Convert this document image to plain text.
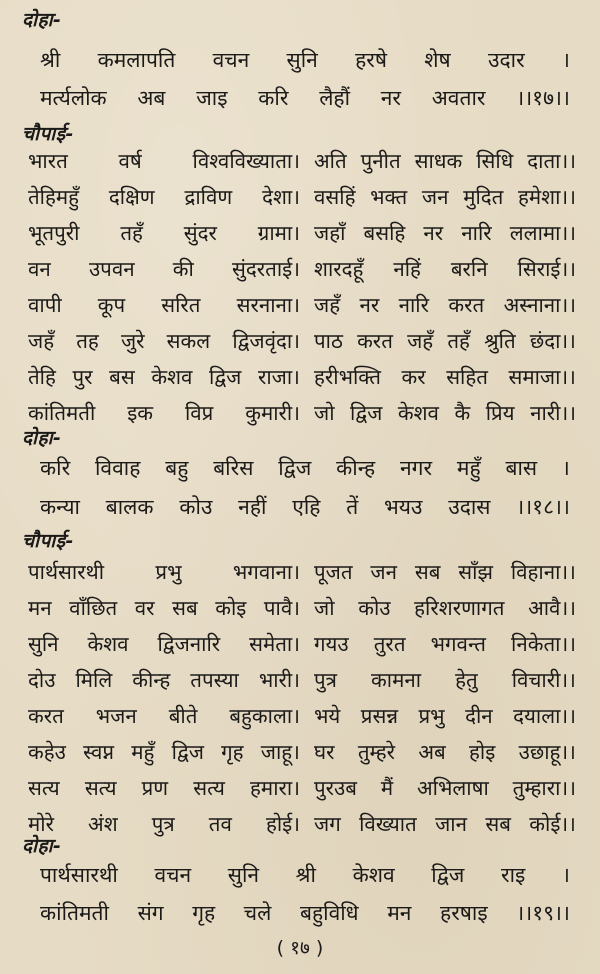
दोहा-
श्री कमलापति वचन सुनि हरषे शेष उदार ।
मर्त्यलोक अब जाइ करि लैहौं नर अवतार ।।१७।।
चौपाई-
भारत वर्ष विश्वविख्याता। अति पुनीत साधक सिधि दाता।।
तेहिमहुँ दक्षिण द्राविण देशा। वसहिं भक्त जन मुदित हमेशा।।
भूतपुरी तहँ सुंदर ग्रामा। जहाँ बसहि नर नारि ललामा।।
वन उपवन की सुंदरताई। शारदहूँ नहिं बरनि सिराई।।
वापी कूप सरित सरनाना। जहँ नर नारि करत अस्नाना।।
जहँ तह जुरे सकल द्विजवृंदा। पाठ करत जहँ तहँ श्रुति छंदा।।
तेहि पुर बस केशव द्विज राजा। हरीभक्ति कर सहित समाजा।।
कांतिमती इक विप्र कुमारी। जो द्विज केशव कै प्रिय नारी।।
दोहा-
करि विवाह बहु बरिस द्विज कीन्ह नगर महुँ बास ।
कन्या बालक कोउ नहीं एहि तें भयउ उदास ।।१८।।
चौपाई-
पार्थसारथी	प्रभु	भगवाना। पूजत जन सब साँझ विहाना।।
मन वाँछित वर सब कोइ पावै। जो कोउ हरिशरणागत आवै।।
सुनि केशव द्विजनारि समेता। गयउ तुरत भगवन्त निकेता।।
दोउ मिलि कीन्ह तपस्या भारी। पुत्र कामना हेतु विचारी।।
करत भजन बीते बहुकाला। भये प्रसन्न प्रभु दीन दयाला।।
कहेउ स्वप्न महुँ द्विज गृह जाहू। घर तुम्हरे अब होइ उछाहू।।
सत्य सत्य प्रण सत्य हमारा। पुरउब मैं अभिलाषा तुम्हारा।।
मोरे अंश पुत्र तव होई। जग विख्यात जान सब कोई।।
दोहा-
पार्थसारथी वचन सुनि श्री केशव द्विज राइ ।
कांतिमती संग गृह चले बहुविधि मन हरषाइ ।।१९।।
( १७ )
